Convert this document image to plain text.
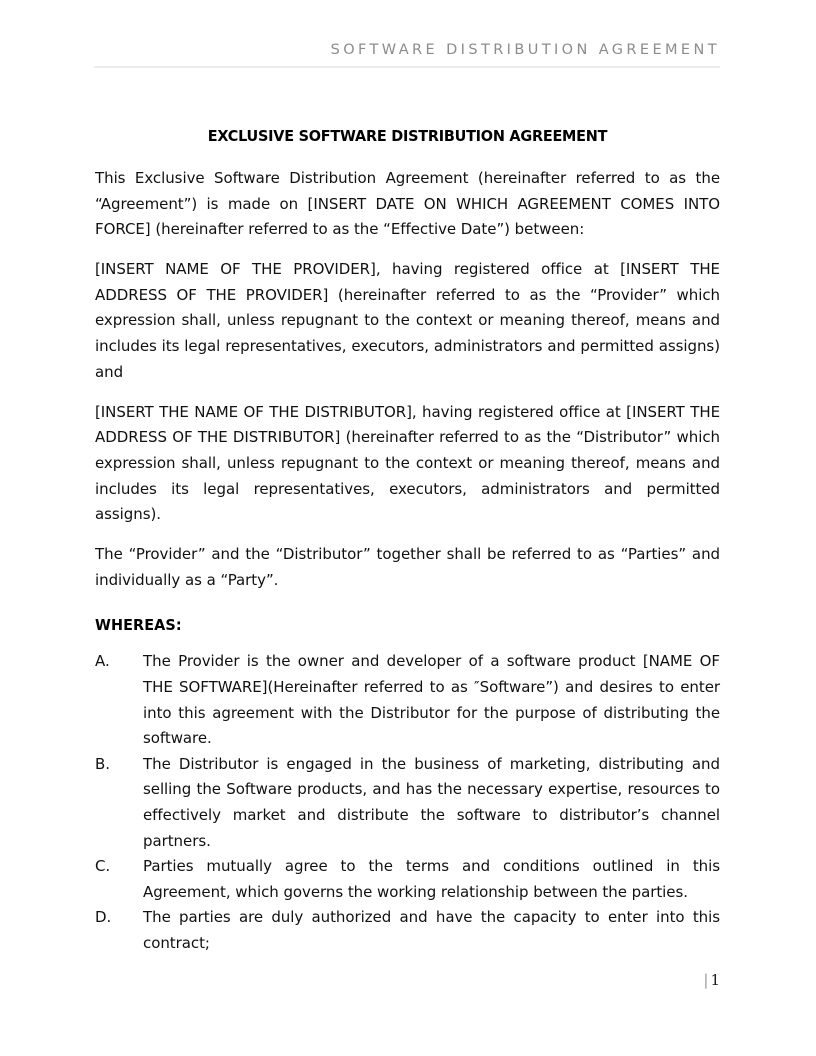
SOFTWARE DISTRIBUTION AGREEMENT
EXCLUSIVE SOFTWARE DISTRIBUTION AGREEMENT

This Exclusive Software Distribution Agreement (hereinafter referred to as the “Agreement”) is made on [INSERT DATE ON WHICH AGREEMENT COMES INTO FORCE] (hereinafter referred to as the “Effective Date”) between:

[INSERT NAME OF THE PROVIDER], having registered office at [INSERT THE ADDRESS OF THE PROVIDER] (hereinafter referred to as the “Provider” which expression shall, unless repugnant to the context or meaning thereof, means and includes its legal representatives, executors, administrators and permitted assigns) and

[INSERT THE NAME OF THE DISTRIBUTOR], having registered office at [INSERT THE ADDRESS OF THE DISTRIBUTOR] (hereinafter referred to as the “Distributor” which expression shall, unless repugnant to the context or meaning thereof, means and includes its legal representatives, executors, administrators and permitted assigns).

The “Provider” and the “Distributor” together shall be referred to as “Parties” and individually as a “Party”.

WHEREAS:
A.	The Provider is the owner and developer of a software product [NAME OF THE SOFTWARE](Hereinafter referred to as ″Software”) and desires to enter into this agreement with the Distributor for the purpose of distributing the software.
B.	The Distributor is engaged in the business of marketing, distributing and selling the Software products, and has the necessary expertise, resources to effectively market and distribute the software to distributor’s channel partners.
C.	Parties mutually agree to the terms and conditions outlined in this Agreement, which governs the working relationship between the parties.
D.	The parties are duly authorized and have the capacity to enter into this contract;
| 1
